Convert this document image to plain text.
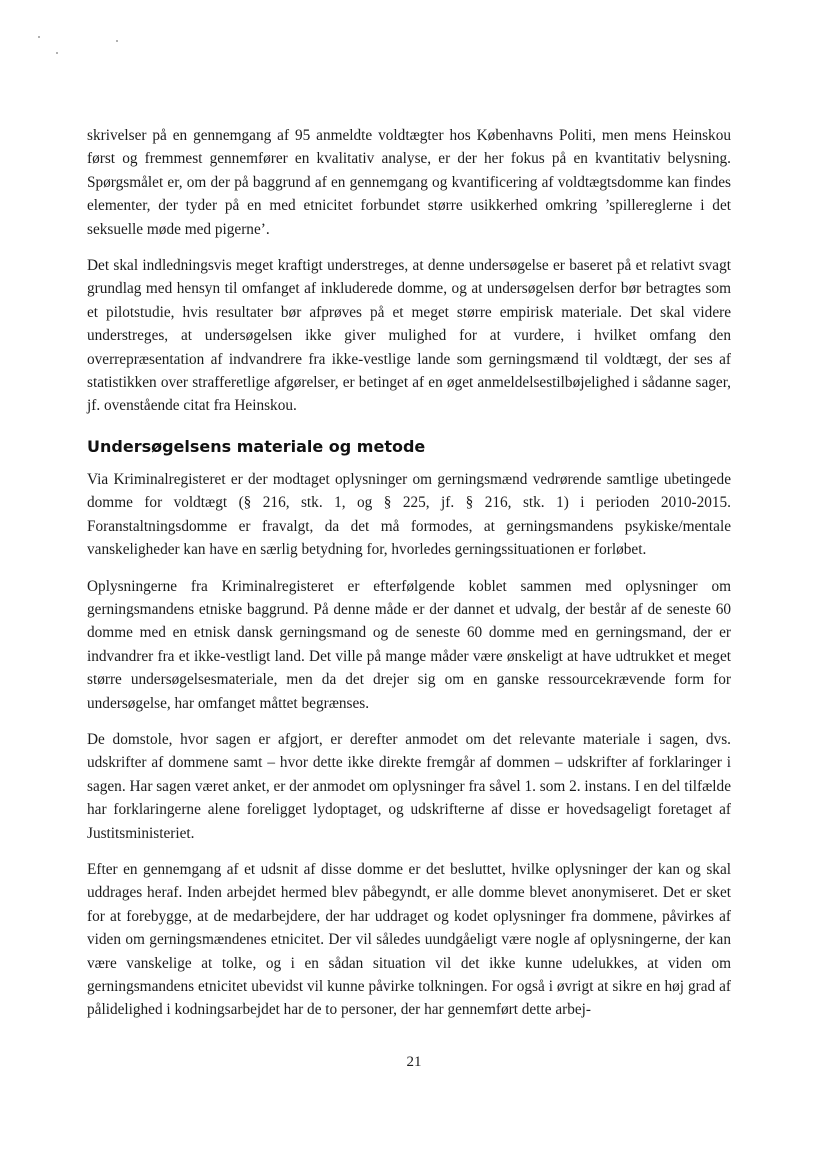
skrivelser på en gennemgang af 95 anmeldte voldtægter hos Københavns Politi, men mens Heinskou først og fremmest gennemfører en kvalitativ analyse, er der her fokus på en kvantitativ belysning. Spørgsmålet er, om der på baggrund af en gennemgang og kvantificering af voldtægtsdomme kan findes elementer, der tyder på en med etnicitet forbundet større usikkerhed omkring ’spillereglerne i det seksuelle møde med pigerne’.

Det skal indledningsvis meget kraftigt understreges, at denne undersøgelse er baseret på et relativt svagt grundlag med hensyn til omfanget af inkluderede domme, og at undersøgelsen derfor bør betragtes som et pilotstudie, hvis resultater bør afprøves på et meget større empirisk materiale. Det skal videre understreges, at undersøgelsen ikke giver mulighed for at vurdere, i hvilket omfang den overrepræsentation af indvandrere fra ikke-vestlige lande som gerningsmænd til voldtægt, der ses af statistikken over strafferetlige afgørelser, er betinget af en øget anmeldelsestilbøjelighed i sådanne sager, jf. ovenstående citat fra Heinskou.

Undersøgelsens materiale og metode

Via Kriminalregisteret er der modtaget oplysninger om gerningsmænd vedrørende samtlige ubetingede domme for voldtægt (§ 216, stk. 1, og § 225, jf. § 216, stk. 1) i perioden 2010-2015. Foranstaltningsdomme er fravalgt, da det må formodes, at gerningsmandens psykiske/mentale vanskeligheder kan have en særlig betydning for, hvorledes gerningssituationen er forløbet.

Oplysningerne fra Kriminalregisteret er efterfølgende koblet sammen med oplysninger om gerningsmandens etniske baggrund. På denne måde er der dannet et udvalg, der består af de seneste 60 domme med en etnisk dansk gerningsmand og de seneste 60 domme med en gerningsmand, der er indvandrer fra et ikke-vestligt land. Det ville på mange måder være ønskeligt at have udtrukket et meget større undersøgelsesmateriale, men da det drejer sig om en ganske ressourcekrævende form for undersøgelse, har omfanget måttet begrænses.

De domstole, hvor sagen er afgjort, er derefter anmodet om det relevante materiale i sagen, dvs. udskrifter af dommene samt – hvor dette ikke direkte fremgår af dommen – udskrifter af forklaringer i sagen. Har sagen været anket, er der anmodet om oplysninger fra såvel 1. som 2. instans. I en del tilfælde har forklaringerne alene foreligget lydoptaget, og udskrifterne af disse er hovedsageligt foretaget af Justitsministeriet.

Efter en gennemgang af et udsnit af disse domme er det besluttet, hvilke oplysninger der kan og skal uddrages heraf. Inden arbejdet hermed blev påbegyndt, er alle domme blevet anonymiseret. Det er sket for at forebygge, at de medarbejdere, der har uddraget og kodet oplysninger fra dommene, påvirkes af viden om gerningsmændenes etnicitet. Der vil således uundgåeligt være nogle af oplysningerne, der kan være vanskelige at tolke, og i en sådan situation vil det ikke kunne udelukkes, at viden om gerningsmandens etnicitet ubevidst vil kunne påvirke tolkningen. For også i øvrigt at sikre en høj grad af pålidelighed i kodningsarbejdet har de to personer, der har gennemført dette arbej-

21
